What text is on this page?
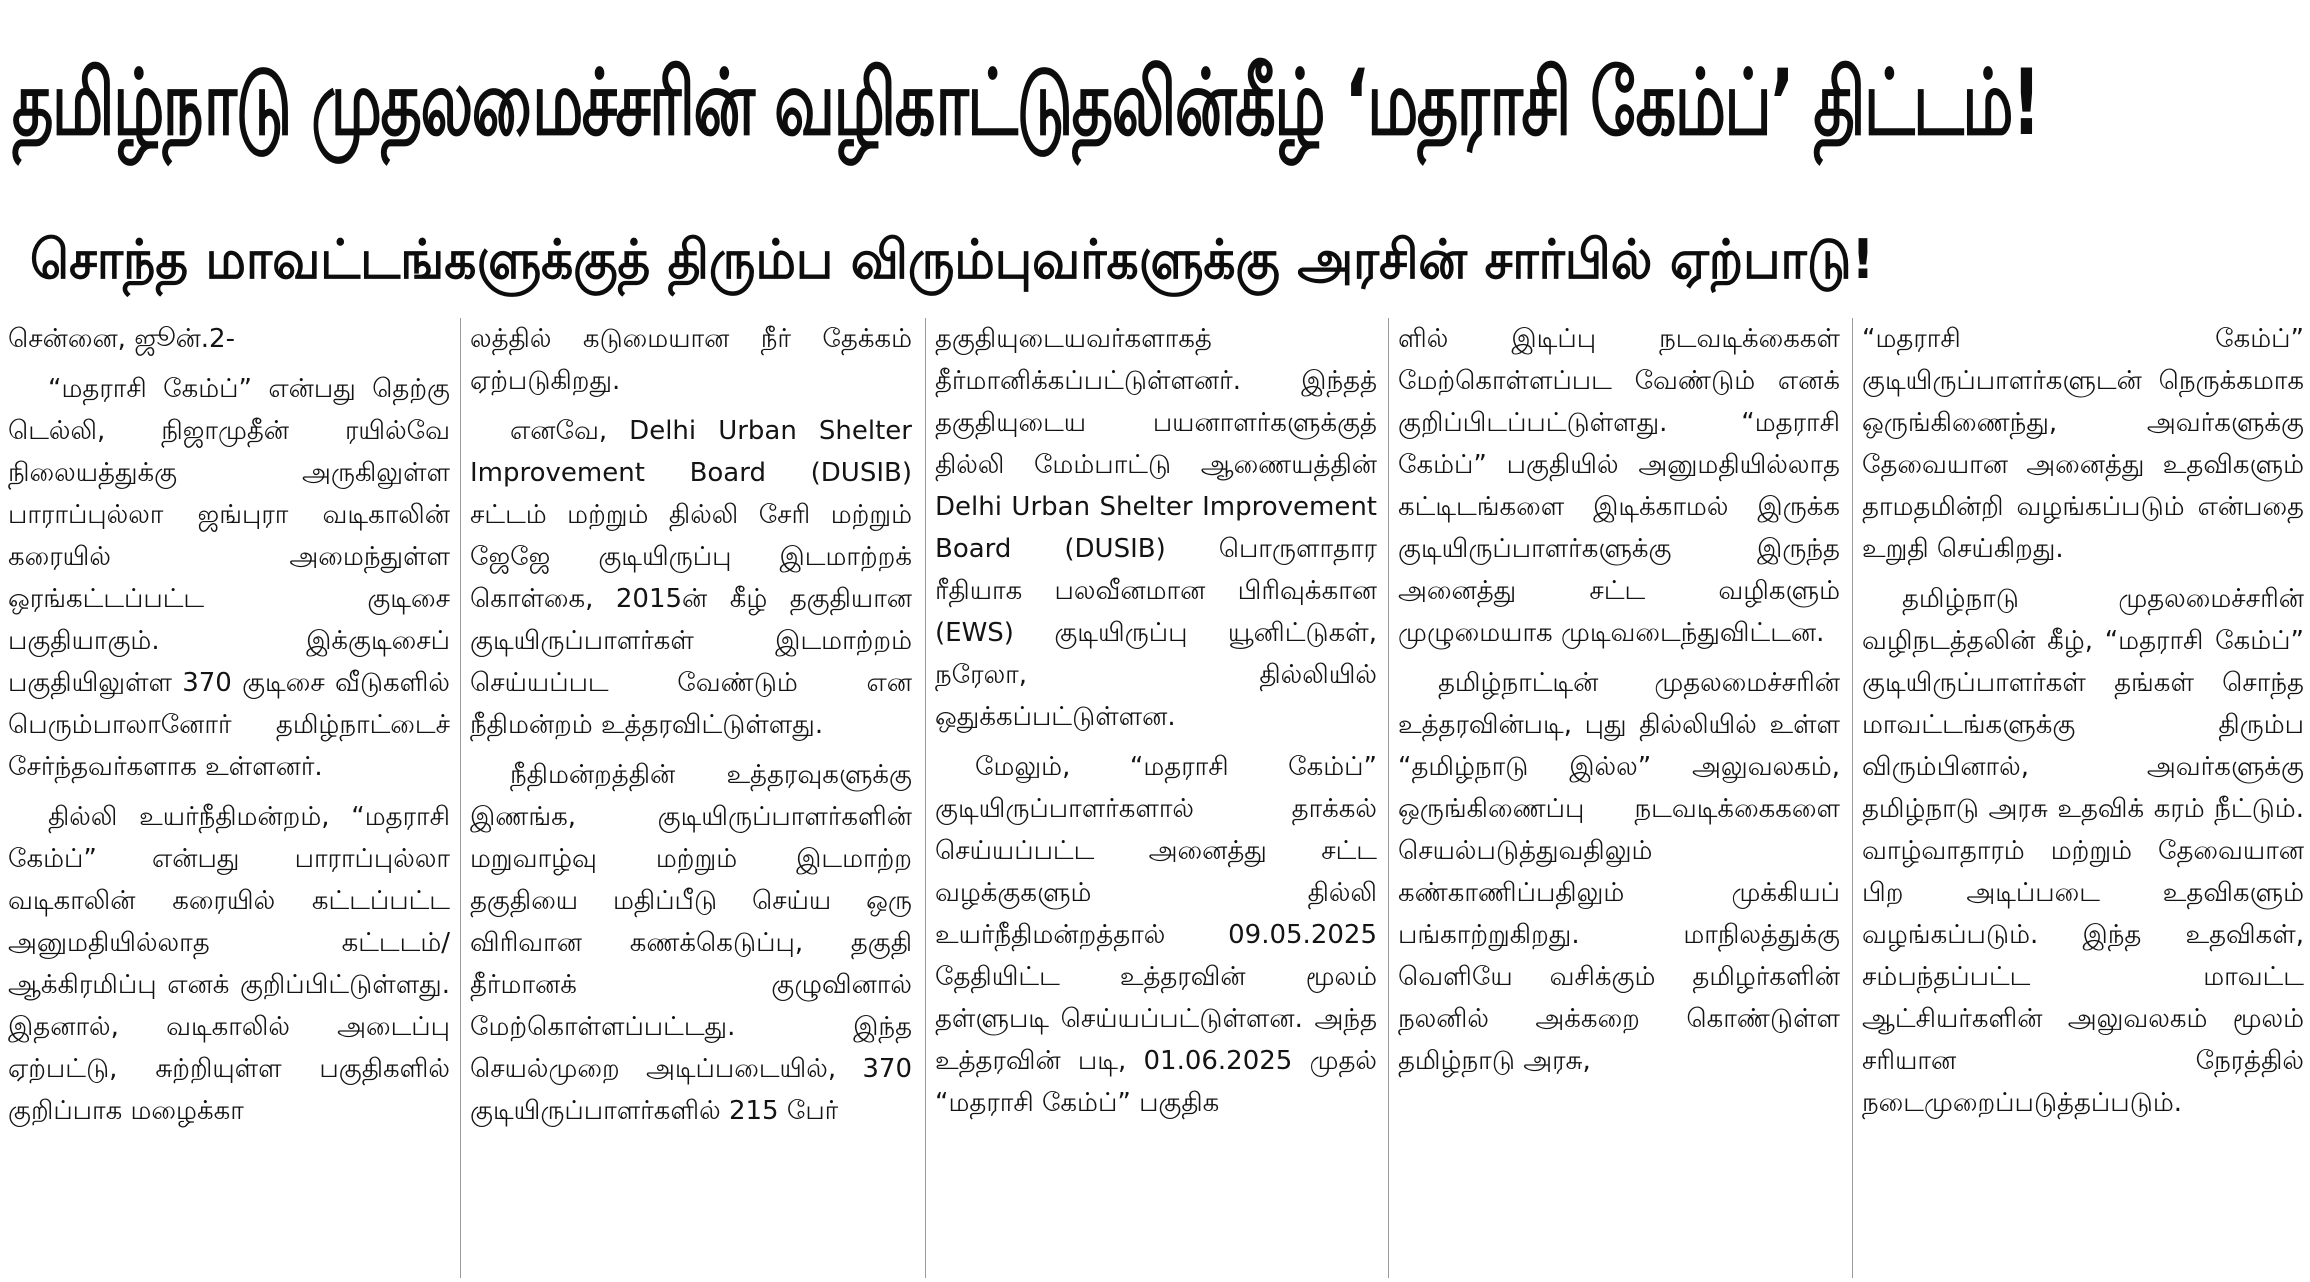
தமிழ்நாடு முதலமைச்சரின் வழிகாட்டுதலின்கீழ் ‘மதராசி கேம்ப்’ திட்டம்!
சொந்த மாவட்டங்களுக்குத் திரும்ப விரும்புவர்களுக்கு அரசின் சார்பில் ஏற்பாடு!

சென்னை, ஜூன்.2-

“மதராசி கேம்ப்” என்பது தெற்கு டெல்லி, நிஜாமுதீன் ரயில்வே நிலையத்துக்கு அருகிலுள்ள பாராப்புல்லா ஜங்புரா வடிகாலின் கரையில் அமைந்துள்ள ஒரங்கட்டப்பட்ட குடிசை பகுதியாகும். இக்குடிசைப் பகுதியிலுள்ள 370 குடிசை வீடுகளில் பெரும்பாலானோர் தமிழ்நாட்டைச் சேர்ந்தவர்களாக உள்ளனர்.

தில்லி உயர்நீதிமன்றம், “மதராசி கேம்ப்” என்பது பாராப்புல்லா வடிகாலின் கரையில் கட்டப்பட்ட அனுமதியில்லாத கட்டடம்/ஆக்கிரமிப்பு எனக் குறிப்பிட்டுள்ளது. இதனால், வடிகாலில் அடைப்பு ஏற்பட்டு, சுற்றியுள்ள பகுதிகளில் குறிப்பாக மழைக்கா

லத்தில் கடுமையான நீர் தேக்கம் ஏற்படுகிறது.

எனவே, Delhi Urban Shelter Improvement Board (DUSIB) சட்டம் மற்றும் தில்லி சேரி மற்றும் ஜேஜே குடியிருப்பு இடமாற்றக் கொள்கை, 2015ன் கீழ் தகுதியான குடியிருப்பாளர்கள் இடமாற்றம் செய்யப்பட வேண்டும் என நீதிமன்றம் உத்தரவிட்டுள்ளது.

நீதிமன்றத்தின் உத்தரவுகளுக்கு இணங்க, குடியிருப்பாளர்களின் மறுவாழ்வு மற்றும் இடமாற்ற தகுதியை மதிப்பீடு செய்ய ஒரு விரிவான கணக்கெடுப்பு, தகுதி தீர்மானக் குழுவினால் மேற்கொள்ளப்பட்டது. இந்த செயல்முறை அடிப்படையில், 370 குடியிருப்பாளர்களில் 215 பேர்

தகுதியுடையவர்களாகத் தீர்மானிக்கப்பட்டுள்ளனர். இந்தத் தகுதியுடைய பயனாளர்களுக்குத் தில்லி மேம்பாட்டு ஆணையத்தின் Delhi Urban Shelter Improvement Board (DUSIB) பொருளாதார ரீதியாக பலவீனமான பிரிவுக்கான (EWS) குடியிருப்பு யூனிட்டுகள், நரேலா, தில்லியில் ஒதுக்கப்பட்டுள்ளன.

மேலும், “மதராசி கேம்ப்” குடியிருப்பாளர்களால் தாக்கல் செய்யப்பட்ட அனைத்து சட்ட வழக்குகளும் தில்லி உயர்நீதிமன்றத்தால் 09.05.2025 தேதியிட்ட உத்தரவின் மூலம் தள்ளுபடி செய்யப்பட்டுள்ளன. அந்த உத்தரவின் படி, 01.06.2025 முதல் “மதராசி கேம்ப்” பகுதிக

ளில் இடிப்பு நடவடிக்கைகள் மேற்கொள்ளப்பட வேண்டும் எனக் குறிப்பிடப்பட்டுள்ளது. “மதராசி கேம்ப்” பகுதியில் அனுமதியில்லாத கட்டிடங்களை இடிக்காமல் இருக்க குடியிருப்பாளர்களுக்கு இருந்த அனைத்து சட்ட வழிகளும் முழுமையாக முடிவடைந்துவிட்டன.

தமிழ்நாட்டின் முதலமைச்சரின் உத்தரவின்படி, புது தில்லியில் உள்ள “தமிழ்நாடு இல்ல” அலுவலகம், ஒருங்கிணைப்பு நடவடிக்கைகளை செயல்படுத்துவதிலும் கண்காணிப்பதிலும் முக்கியப் பங்காற்றுகிறது. மாநிலத்துக்கு வெளியே வசிக்கும் தமிழர்களின் நலனில் அக்கறை கொண்டுள்ள தமிழ்நாடு அரசு,

“மதராசி கேம்ப்” குடியிருப்பாளர்களுடன் நெருக்கமாக ஒருங்கிணைந்து, அவர்களுக்கு தேவையான அனைத்து உதவிகளும் தாமதமின்றி வழங்கப்படும் என்பதை உறுதி செய்கிறது.

தமிழ்நாடு முதலமைச்சரின் வழிநடத்தலின் கீழ், “மதராசி கேம்ப்” குடியிருப்பாளர்கள் தங்கள் சொந்த மாவட்டங்களுக்கு திரும்ப விரும்பினால், அவர்களுக்கு தமிழ்நாடு அரசு உதவிக் கரம் நீட்டும். வாழ்வாதாரம் மற்றும் தேவையான பிற அடிப்படை உதவிகளும் வழங்கப்படும். இந்த உதவிகள், சம்பந்தப்பட்ட மாவட்ட ஆட்சியர்களின் அலுவலகம் மூலம் சரியான நேரத்தில் நடைமுறைப்படுத்தப்படும்.
